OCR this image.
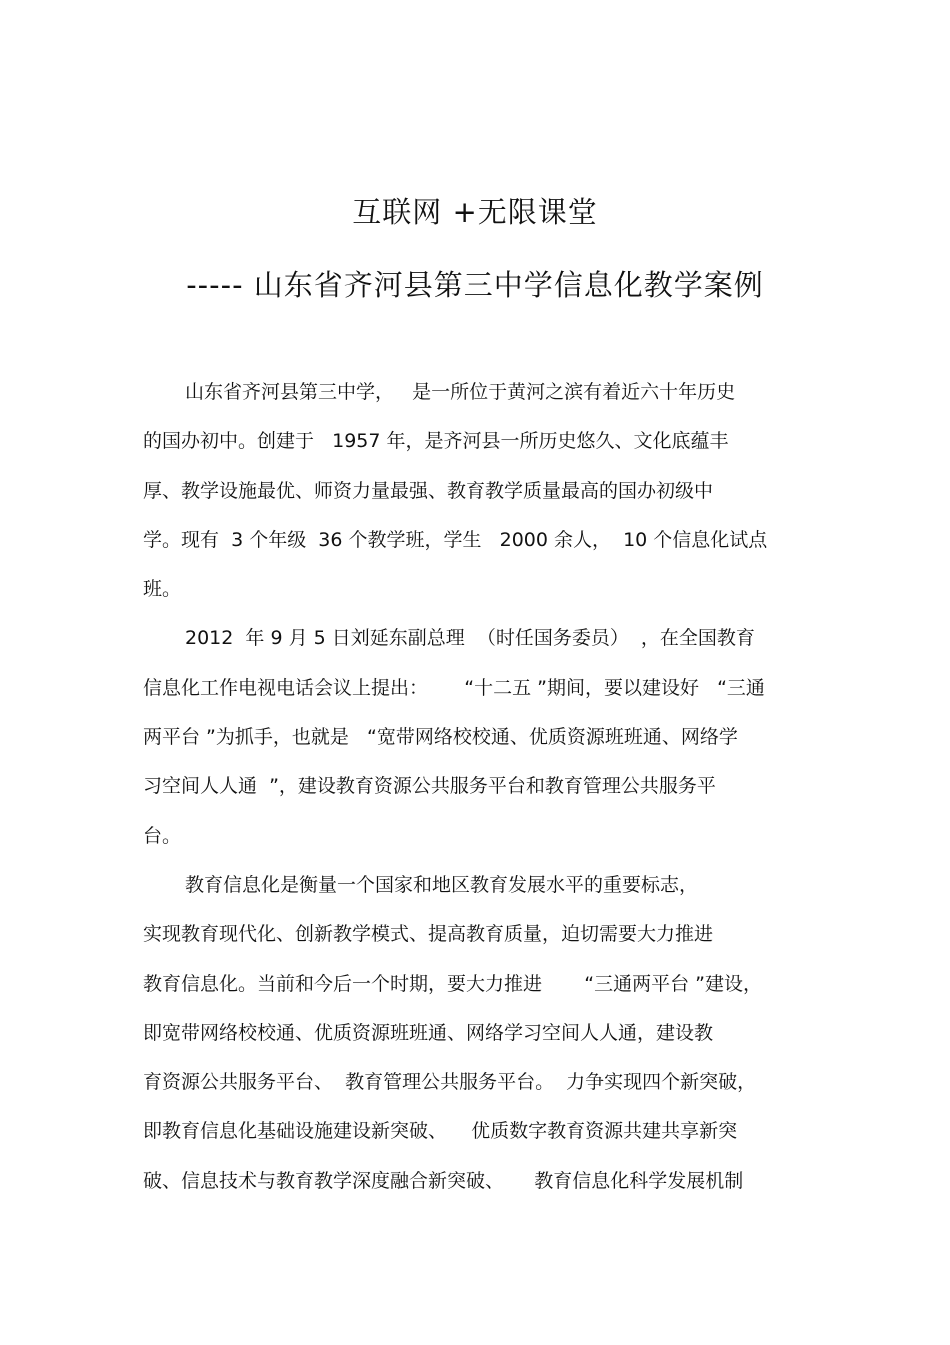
互联网 +无限课堂
----- 山东省齐河县第三中学信息化教学案例
山东省齐河县第三中学，   是一所位于黄河之滨有着近六十年历史
的国办初中。创建于   1957 年，是齐河县一所历史悠久、文化底蕴丰
厚、教学设施最优、师资力量最强、教育教学质量最高的国办初级中
学。现有  3 个年级  36 个教学班，学生   2000 余人，  10 个信息化试点
班。
2012  年 9 月 5 日刘延东副总理  （时任国务委员）  ，在全国教育
信息化工作电视电话会议上提出：      “十二五 ”期间，要以建设好   “三通
两平台 ”为抓手，也就是   “宽带网络校校通、优质资源班班通、网络学
习空间人人通  ”，建设教育资源公共服务平台和教育管理公共服务平
台。
教育信息化是衡量一个国家和地区教育发展水平的重要标志，
实现教育现代化、创新教学模式、提高教育质量，迫切需要大力推进
教育信息化。当前和今后一个时期，要大力推进       “三通两平台 ”建设，
即宽带网络校校通、优质资源班班通、网络学习空间人人通，建设教
育资源公共服务平台、  教育管理公共服务平台。  力争实现四个新突破，
即教育信息化基础设施建设新突破、    优质数字教育资源共建共享新突
破、信息技术与教育教学深度融合新突破、     教育信息化科学发展机制
